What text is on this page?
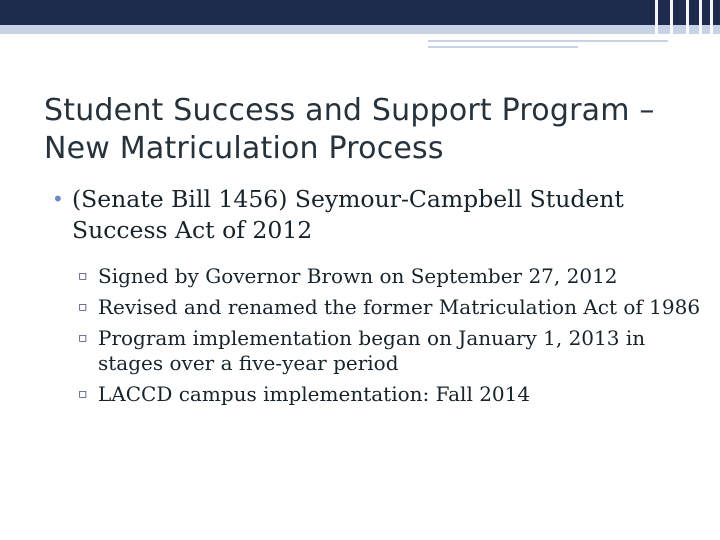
Student Success and Support Program – New Matriculation Process
• (Senate Bill 1456) Seymour-Campbell Student Success Act of 2012
▫ Signed by Governor Brown on September 27, 2012
▫ Revised and renamed the former Matriculation Act of 1986
▫ Program implementation began on January 1, 2013 in stages over a five-year period
▫ LACCD campus implementation: Fall 2014
